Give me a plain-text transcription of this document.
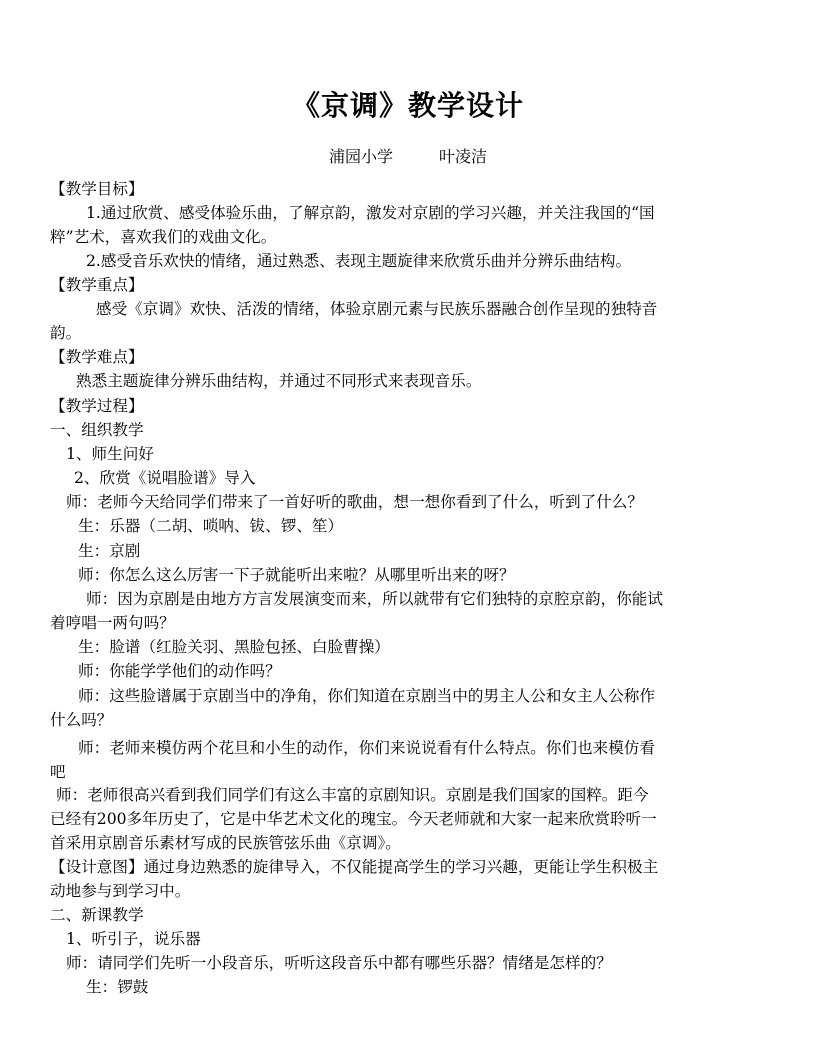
《京调》教学设计
浦园小学	叶凌洁
【教学目标】
1.通过欣赏、感受体验乐曲，了解京韵，激发对京剧的学习兴趣，并关注我国的“国
粹”艺术，喜欢我们的戏曲文化。
2.感受音乐欢快的情绪，通过熟悉、表现主题旋律来欣赏乐曲并分辨乐曲结构。
【教学重点】
感受《京调》欢快、活泼的情绪，体验京剧元素与民族乐器融合创作呈现的独特音
韵。
【教学难点】
熟悉主题旋律分辨乐曲结构，并通过不同形式来表现音乐。
【教学过程】
一、组织教学
1、师生问好
2、欣赏《说唱脸谱》导入
师：老师今天给同学们带来了一首好听的歌曲，想一想你看到了什么，听到了什么？
生：乐器（二胡、唢呐、钹、锣、笙）
生：京剧
师：你怎么这么厉害一下子就能听出来啦？从哪里听出来的呀？
师：因为京剧是由地方方言发展演变而来，所以就带有它们独特的京腔京韵，你能试
着哼唱一两句吗？
生：脸谱（红脸关羽、黑脸包拯、白脸曹操）
师：你能学学他们的动作吗？
师：这些脸谱属于京剧当中的净角，你们知道在京剧当中的男主人公和女主人公称作
什么吗？
师：老师来模仿两个花旦和小生的动作，你们来说说看有什么特点。你们也来模仿看
吧
师：老师很高兴看到我们同学们有这么丰富的京剧知识。京剧是我们国家的国粹。距今
已经有200多年历史了，它是中华艺术文化的瑰宝。今天老师就和大家一起来欣赏聆听一
首采用京剧音乐素材写成的民族管弦乐曲《京调》。
【设计意图】通过身边熟悉的旋律导入，不仅能提高学生的学习兴趣，更能让学生积极主
动地参与到学习中。
二、新课教学
1、听引子，说乐器
师：请同学们先听一小段音乐，听听这段音乐中都有哪些乐器？情绪是怎样的？
生：锣鼓
